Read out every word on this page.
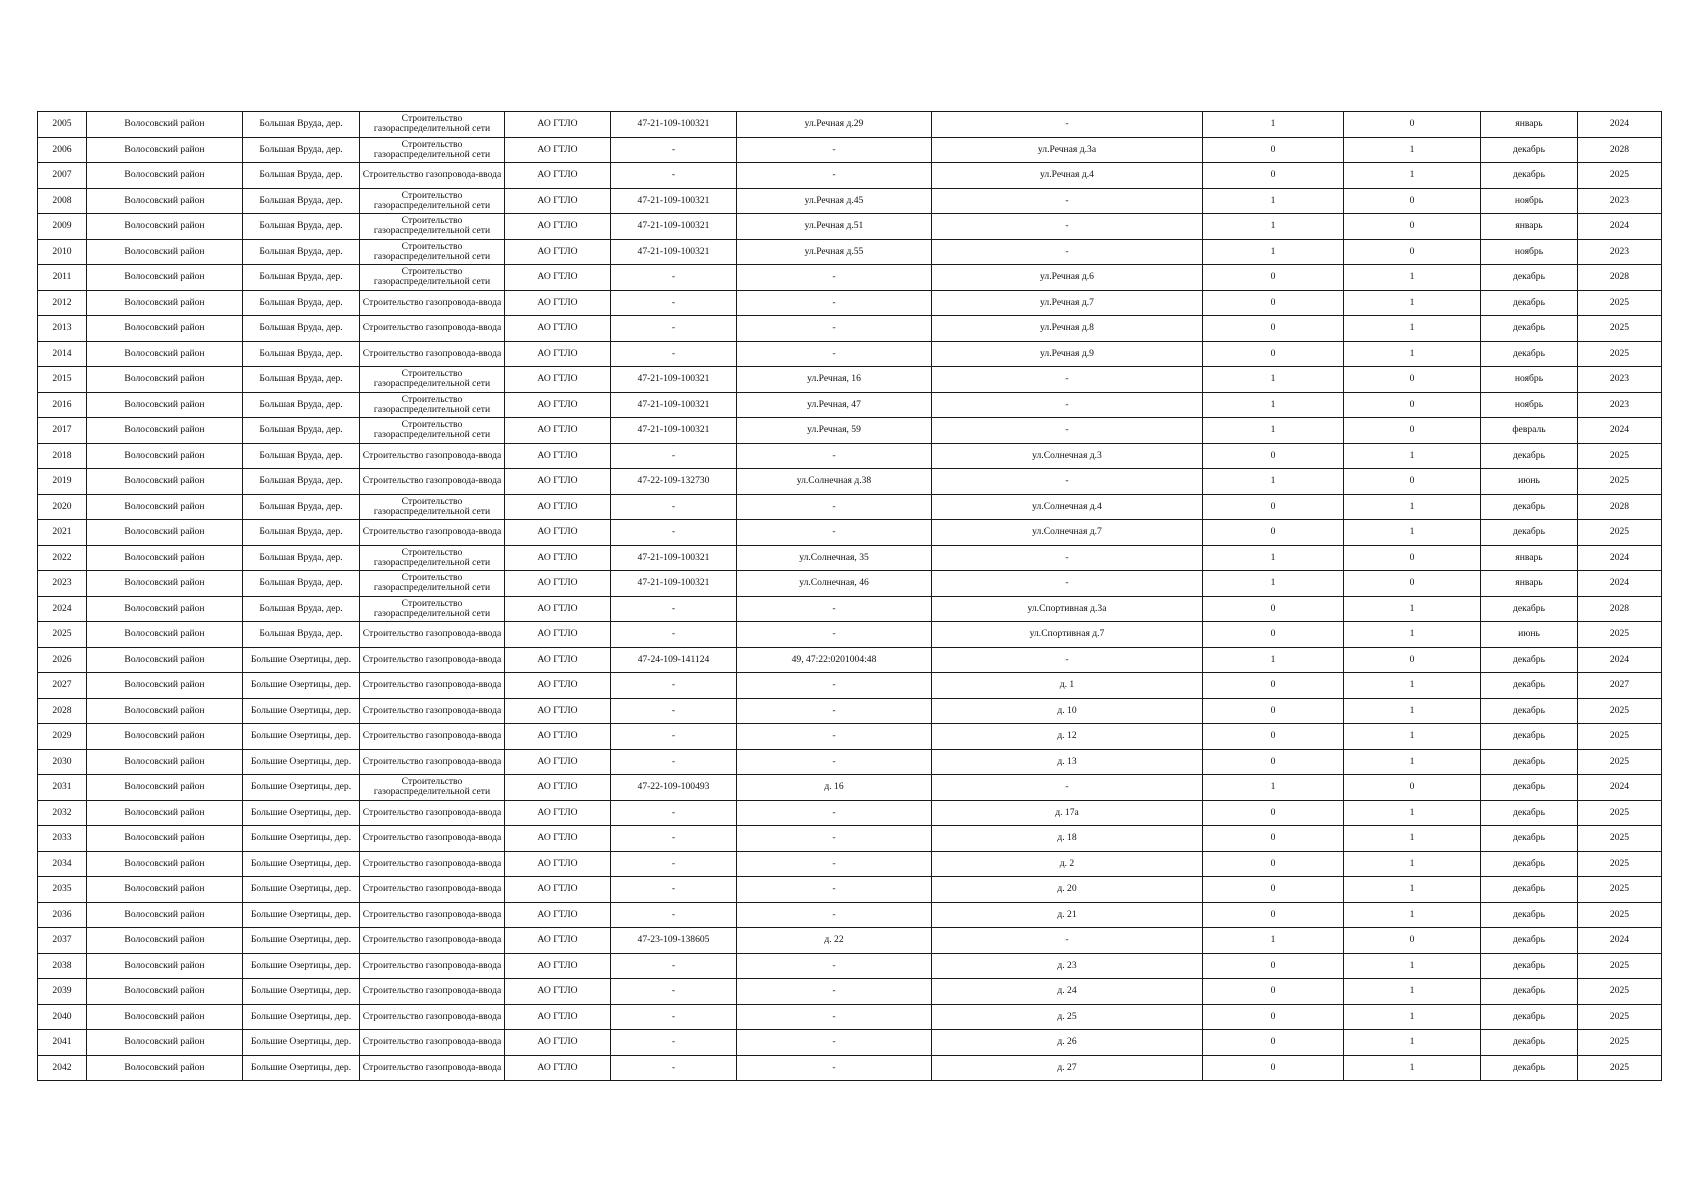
2005	Волосовский район	Большая Вруда, дер.	Строительство газораспределительной сети	АО ГТЛО	47-21-109-100321	ул.Речная д.29	-	1	0	январь	2024
2006	Волосовский район	Большая Вруда, дер.	Строительство газораспределительной сети	АО ГТЛО	-	-	ул.Речная д.3а	0	1	декабрь	2028
2007	Волосовский район	Большая Вруда, дер.	Строительство газопровода-ввода	АО ГТЛО	-	-	ул.Речная д.4	0	1	декабрь	2025
2008	Волосовский район	Большая Вруда, дер.	Строительство газораспределительной сети	АО ГТЛО	47-21-109-100321	ул.Речная д.45	-	1	0	ноябрь	2023
2009	Волосовский район	Большая Вруда, дер.	Строительство газораспределительной сети	АО ГТЛО	47-21-109-100321	ул.Речная д.51	-	1	0	январь	2024
2010	Волосовский район	Большая Вруда, дер.	Строительство газораспределительной сети	АО ГТЛО	47-21-109-100321	ул.Речная д.55	-	1	0	ноябрь	2023
2011	Волосовский район	Большая Вруда, дер.	Строительство газораспределительной сети	АО ГТЛО	-	-	ул.Речная д.6	0	1	декабрь	2028
2012	Волосовский район	Большая Вруда, дер.	Строительство газопровода-ввода	АО ГТЛО	-	-	ул.Речная д.7	0	1	декабрь	2025
2013	Волосовский район	Большая Вруда, дер.	Строительство газопровода-ввода	АО ГТЛО	-	-	ул.Речная д.8	0	1	декабрь	2025
2014	Волосовский район	Большая Вруда, дер.	Строительство газопровода-ввода	АО ГТЛО	-	-	ул.Речная д.9	0	1	декабрь	2025
2015	Волосовский район	Большая Вруда, дер.	Строительство газораспределительной сети	АО ГТЛО	47-21-109-100321	ул.Речная, 16	-	1	0	ноябрь	2023
2016	Волосовский район	Большая Вруда, дер.	Строительство газораспределительной сети	АО ГТЛО	47-21-109-100321	ул.Речная, 47	-	1	0	ноябрь	2023
2017	Волосовский район	Большая Вруда, дер.	Строительство газораспределительной сети	АО ГТЛО	47-21-109-100321	ул.Речная, 59	-	1	0	февраль	2024
2018	Волосовский район	Большая Вруда, дер.	Строительство газопровода-ввода	АО ГТЛО	-	-	ул.Солнечная д.3	0	1	декабрь	2025
2019	Волосовский район	Большая Вруда, дер.	Строительство газопровода-ввода	АО ГТЛО	47-22-109-132730	ул.Солнечная д.38	-	1	0	июнь	2025
2020	Волосовский район	Большая Вруда, дер.	Строительство газораспределительной сети	АО ГТЛО	-	-	ул.Солнечная д.4	0	1	декабрь	2028
2021	Волосовский район	Большая Вруда, дер.	Строительство газопровода-ввода	АО ГТЛО	-	-	ул.Солнечная д.7	0	1	декабрь	2025
2022	Волосовский район	Большая Вруда, дер.	Строительство газораспределительной сети	АО ГТЛО	47-21-109-100321	ул.Солнечная, 35	-	1	0	январь	2024
2023	Волосовский район	Большая Вруда, дер.	Строительство газораспределительной сети	АО ГТЛО	47-21-109-100321	ул.Солнечная, 46	-	1	0	январь	2024
2024	Волосовский район	Большая Вруда, дер.	Строительство газораспределительной сети	АО ГТЛО	-	-	ул.Спортивная д.3а	0	1	декабрь	2028
2025	Волосовский район	Большая Вруда, дер.	Строительство газопровода-ввода	АО ГТЛО	-	-	ул.Спортивная д.7	0	1	июнь	2025
2026	Волосовский район	Большие Озертицы, дер.	Строительство газопровода-ввода	АО ГТЛО	47-24-109-141124	49, 47:22:0201004:48	-	1	0	декабрь	2024
2027	Волосовский район	Большие Озертицы, дер.	Строительство газопровода-ввода	АО ГТЛО	-	-	д. 1	0	1	декабрь	2027
2028	Волосовский район	Большие Озертицы, дер.	Строительство газопровода-ввода	АО ГТЛО	-	-	д. 10	0	1	декабрь	2025
2029	Волосовский район	Большие Озертицы, дер.	Строительство газопровода-ввода	АО ГТЛО	-	-	д. 12	0	1	декабрь	2025
2030	Волосовский район	Большие Озертицы, дер.	Строительство газопровода-ввода	АО ГТЛО	-	-	д. 13	0	1	декабрь	2025
2031	Волосовский район	Большие Озертицы, дер.	Строительство газораспределительной сети	АО ГТЛО	47-22-109-100493	д. 16	-	1	0	декабрь	2024
2032	Волосовский район	Большие Озертицы, дер.	Строительство газопровода-ввода	АО ГТЛО	-	-	д. 17а	0	1	декабрь	2025
2033	Волосовский район	Большие Озертицы, дер.	Строительство газопровода-ввода	АО ГТЛО	-	-	д. 18	0	1	декабрь	2025
2034	Волосовский район	Большие Озертицы, дер.	Строительство газопровода-ввода	АО ГТЛО	-	-	д. 2	0	1	декабрь	2025
2035	Волосовский район	Большие Озертицы, дер.	Строительство газопровода-ввода	АО ГТЛО	-	-	д. 20	0	1	декабрь	2025
2036	Волосовский район	Большие Озертицы, дер.	Строительство газопровода-ввода	АО ГТЛО	-	-	д. 21	0	1	декабрь	2025
2037	Волосовский район	Большие Озертицы, дер.	Строительство газопровода-ввода	АО ГТЛО	47-23-109-138605	д. 22	-	1	0	декабрь	2024
2038	Волосовский район	Большие Озертицы, дер.	Строительство газопровода-ввода	АО ГТЛО	-	-	д. 23	0	1	декабрь	2025
2039	Волосовский район	Большие Озертицы, дер.	Строительство газопровода-ввода	АО ГТЛО	-	-	д. 24	0	1	декабрь	2025
2040	Волосовский район	Большие Озертицы, дер.	Строительство газопровода-ввода	АО ГТЛО	-	-	д. 25	0	1	декабрь	2025
2041	Волосовский район	Большие Озертицы, дер.	Строительство газопровода-ввода	АО ГТЛО	-	-	д. 26	0	1	декабрь	2025
2042	Волосовский район	Большие Озертицы, дер.	Строительство газопровода-ввода	АО ГТЛО	-	-	д. 27	0	1	декабрь	2025
